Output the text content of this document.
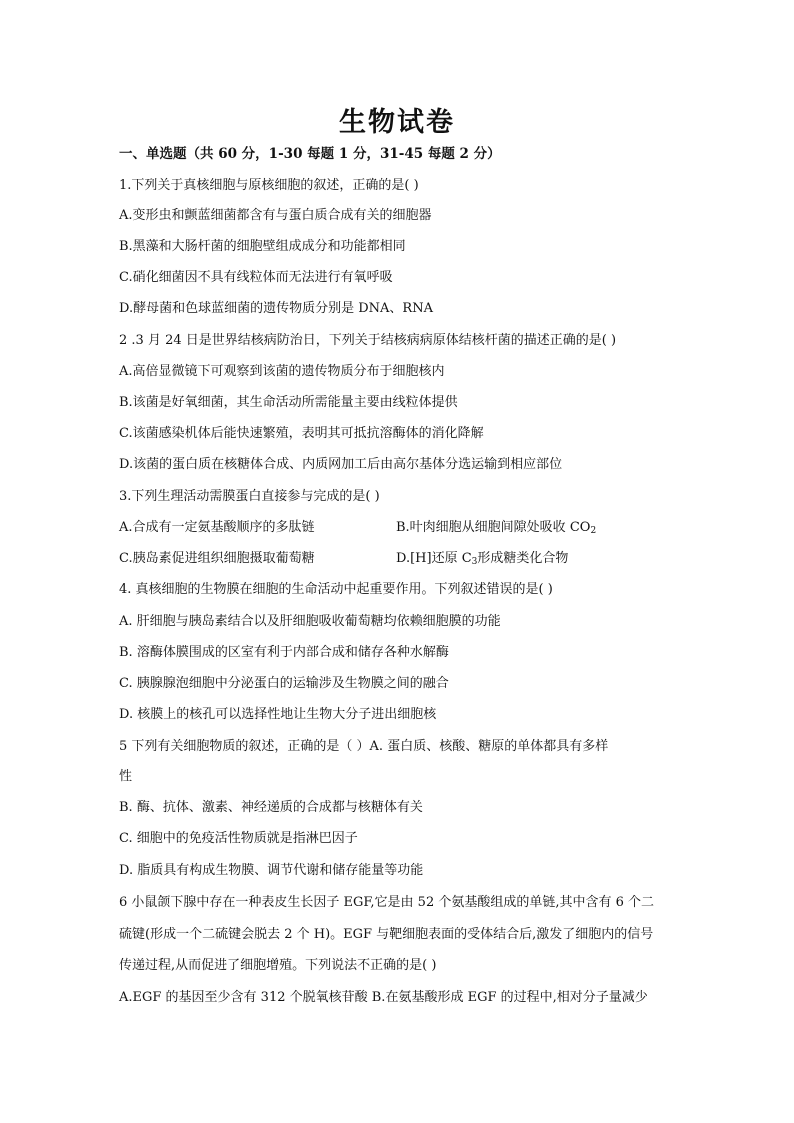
生物试卷
一、单选题（共 60 分，1-30 每题 1 分，31-45 每题 2 分）
1.下列关于真核细胞与原核细胞的叙述，正确的是( )
A.变形虫和颤蓝细菌都含有与蛋白质合成有关的细胞器
B.黑藻和大肠杆菌的细胞壁组成成分和功能都相同
C.硝化细菌因不具有线粒体而无法进行有氧呼吸
D.酵母菌和色球蓝细菌的遗传物质分别是 DNA、RNA
2 .3 月 24 日是世界结核病防治日，下列关于结核病病原体结核杆菌的描述正确的是( )
A.高倍显微镜下可观察到该菌的遗传物质分布于细胞核内
B.该菌是好氧细菌，其生命活动所需能量主要由线粒体提供
C.该菌感染机体后能快速繁殖，表明其可抵抗溶酶体的消化降解
D.该菌的蛋白质在核糖体合成、内质网加工后由高尔基体分选运输到相应部位
3.下列生理活动需膜蛋白直接参与完成的是( )
A.合成有一定氨基酸顺序的多肽链	B.叶肉细胞从细胞间隙处吸收 $CO_2$
C.胰岛素促进组织细胞摄取葡萄糖	D.[H]还原 $C_3$形成糖类化合物
4. 真核细胞的生物膜在细胞的生命活动中起重要作用。下列叙述错误的是( )
A. 肝细胞与胰岛素结合以及肝细胞吸收葡萄糖均依赖细胞膜的功能
B. 溶酶体膜围成的区室有利于内部合成和储存各种水解酶
C. 胰腺腺泡细胞中分泌蛋白的运输涉及生物膜之间的融合
D. 核膜上的核孔可以选择性地让生物大分子进出细胞核
5 下列有关细胞物质的叙述，正确的是（ ）A. 蛋白质、核酸、糖原的单体都具有多样
性
B. 酶、抗体、激素、神经递质的合成都与核糖体有关
C. 细胞中的免疫活性物质就是指淋巴因子
D. 脂质具有构成生物膜、调节代谢和储存能量等功能
6 小鼠颌下腺中存在一种表皮生长因子 EGF,它是由 52 个氨基酸组成的单链,其中含有 6 个二
硫键(形成一个二硫键会脱去 2 个 H)。EGF 与靶细胞表面的受体结合后,激发了细胞内的信号
传递过程,从而促进了细胞增殖。下列说法不正确的是( )
A.EGF 的基因至少含有 312 个脱氧核苷酸 B.在氨基酸形成 EGF 的过程中,相对分子量减少
